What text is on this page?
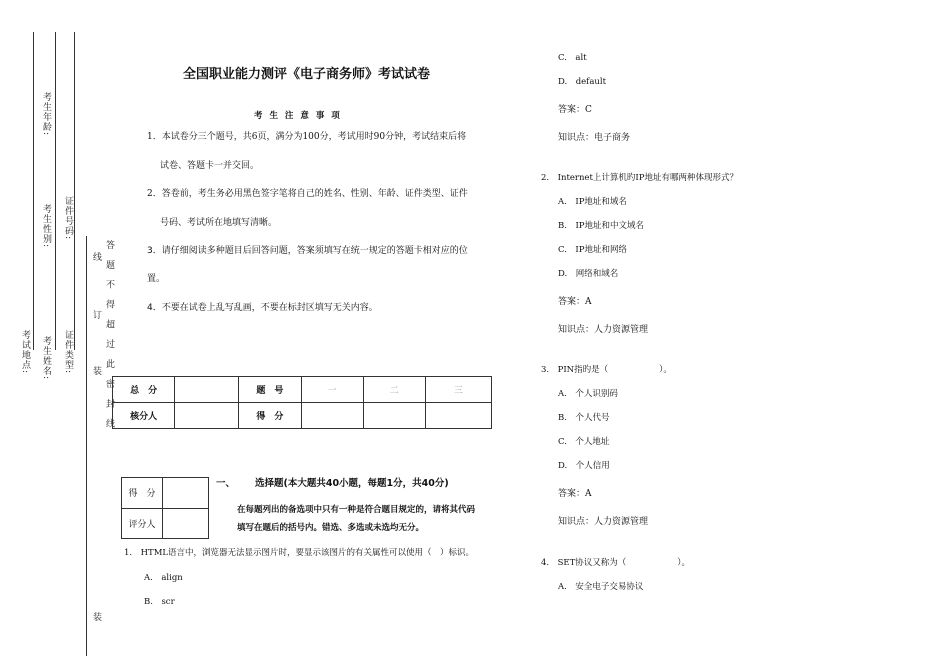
考生年龄:
考生性别: 证件号码:
考试地点: 考生姓名: 证件类型:	答 题 不 得 超 过 此 密 封 线
线
订
装
装
全国职业能力测评《电子商务师》考试试卷
考 生 注 意 事 项
1．本试卷分三个题号，共6页，满分为100分，考试用时90分钟，考试结束后将
试卷、答题卡一并交回。
2．答卷前，考生务必用黑色签字笔将自己的姓名、性别、年龄、证件类型、证件
号码、考试所在地填写清晰。
3．请仔细阅读多种题目后回答问题，答案须填写在统一规定的答题卡相对应的位
置。
4．不要在试卷上乱写乱画，不要在标封区填写无关内容。
总　分		题　号	一	二	三
核分人		得　分			
得　分	
评分人	
一、 选择题(本大题共40小题，每题1分，共40分)
在每题列出的备选项中只有一种是符合题目规定的，请将其代码
填写在题后的括号内。错选、多选或未选均无分。
1.　HTML语言中，浏览器无法显示图片时，要显示该图片的有关属性可以使用（　）标识。
A.　align
B.　scr
C.　alt
D.　default
答案：C
知识点：电子商务
2.　Internet上计算机旳IP地址有哪两种体现形式？
A.　IP地址和域名
B.　IP地址和中文域名
C.　IP地址和网络
D.　网络和域名
答案：A
知识点：人力资源管理
3.　PIN指旳是（　　　　　　）。
A.　个人识别码
B.　个人代号
C.　个人地址
D.　个人信用
答案：A
知识点：人力资源管理
4.　SET协议又称为（　　　　　　）。
A.　安全电子交易协议
